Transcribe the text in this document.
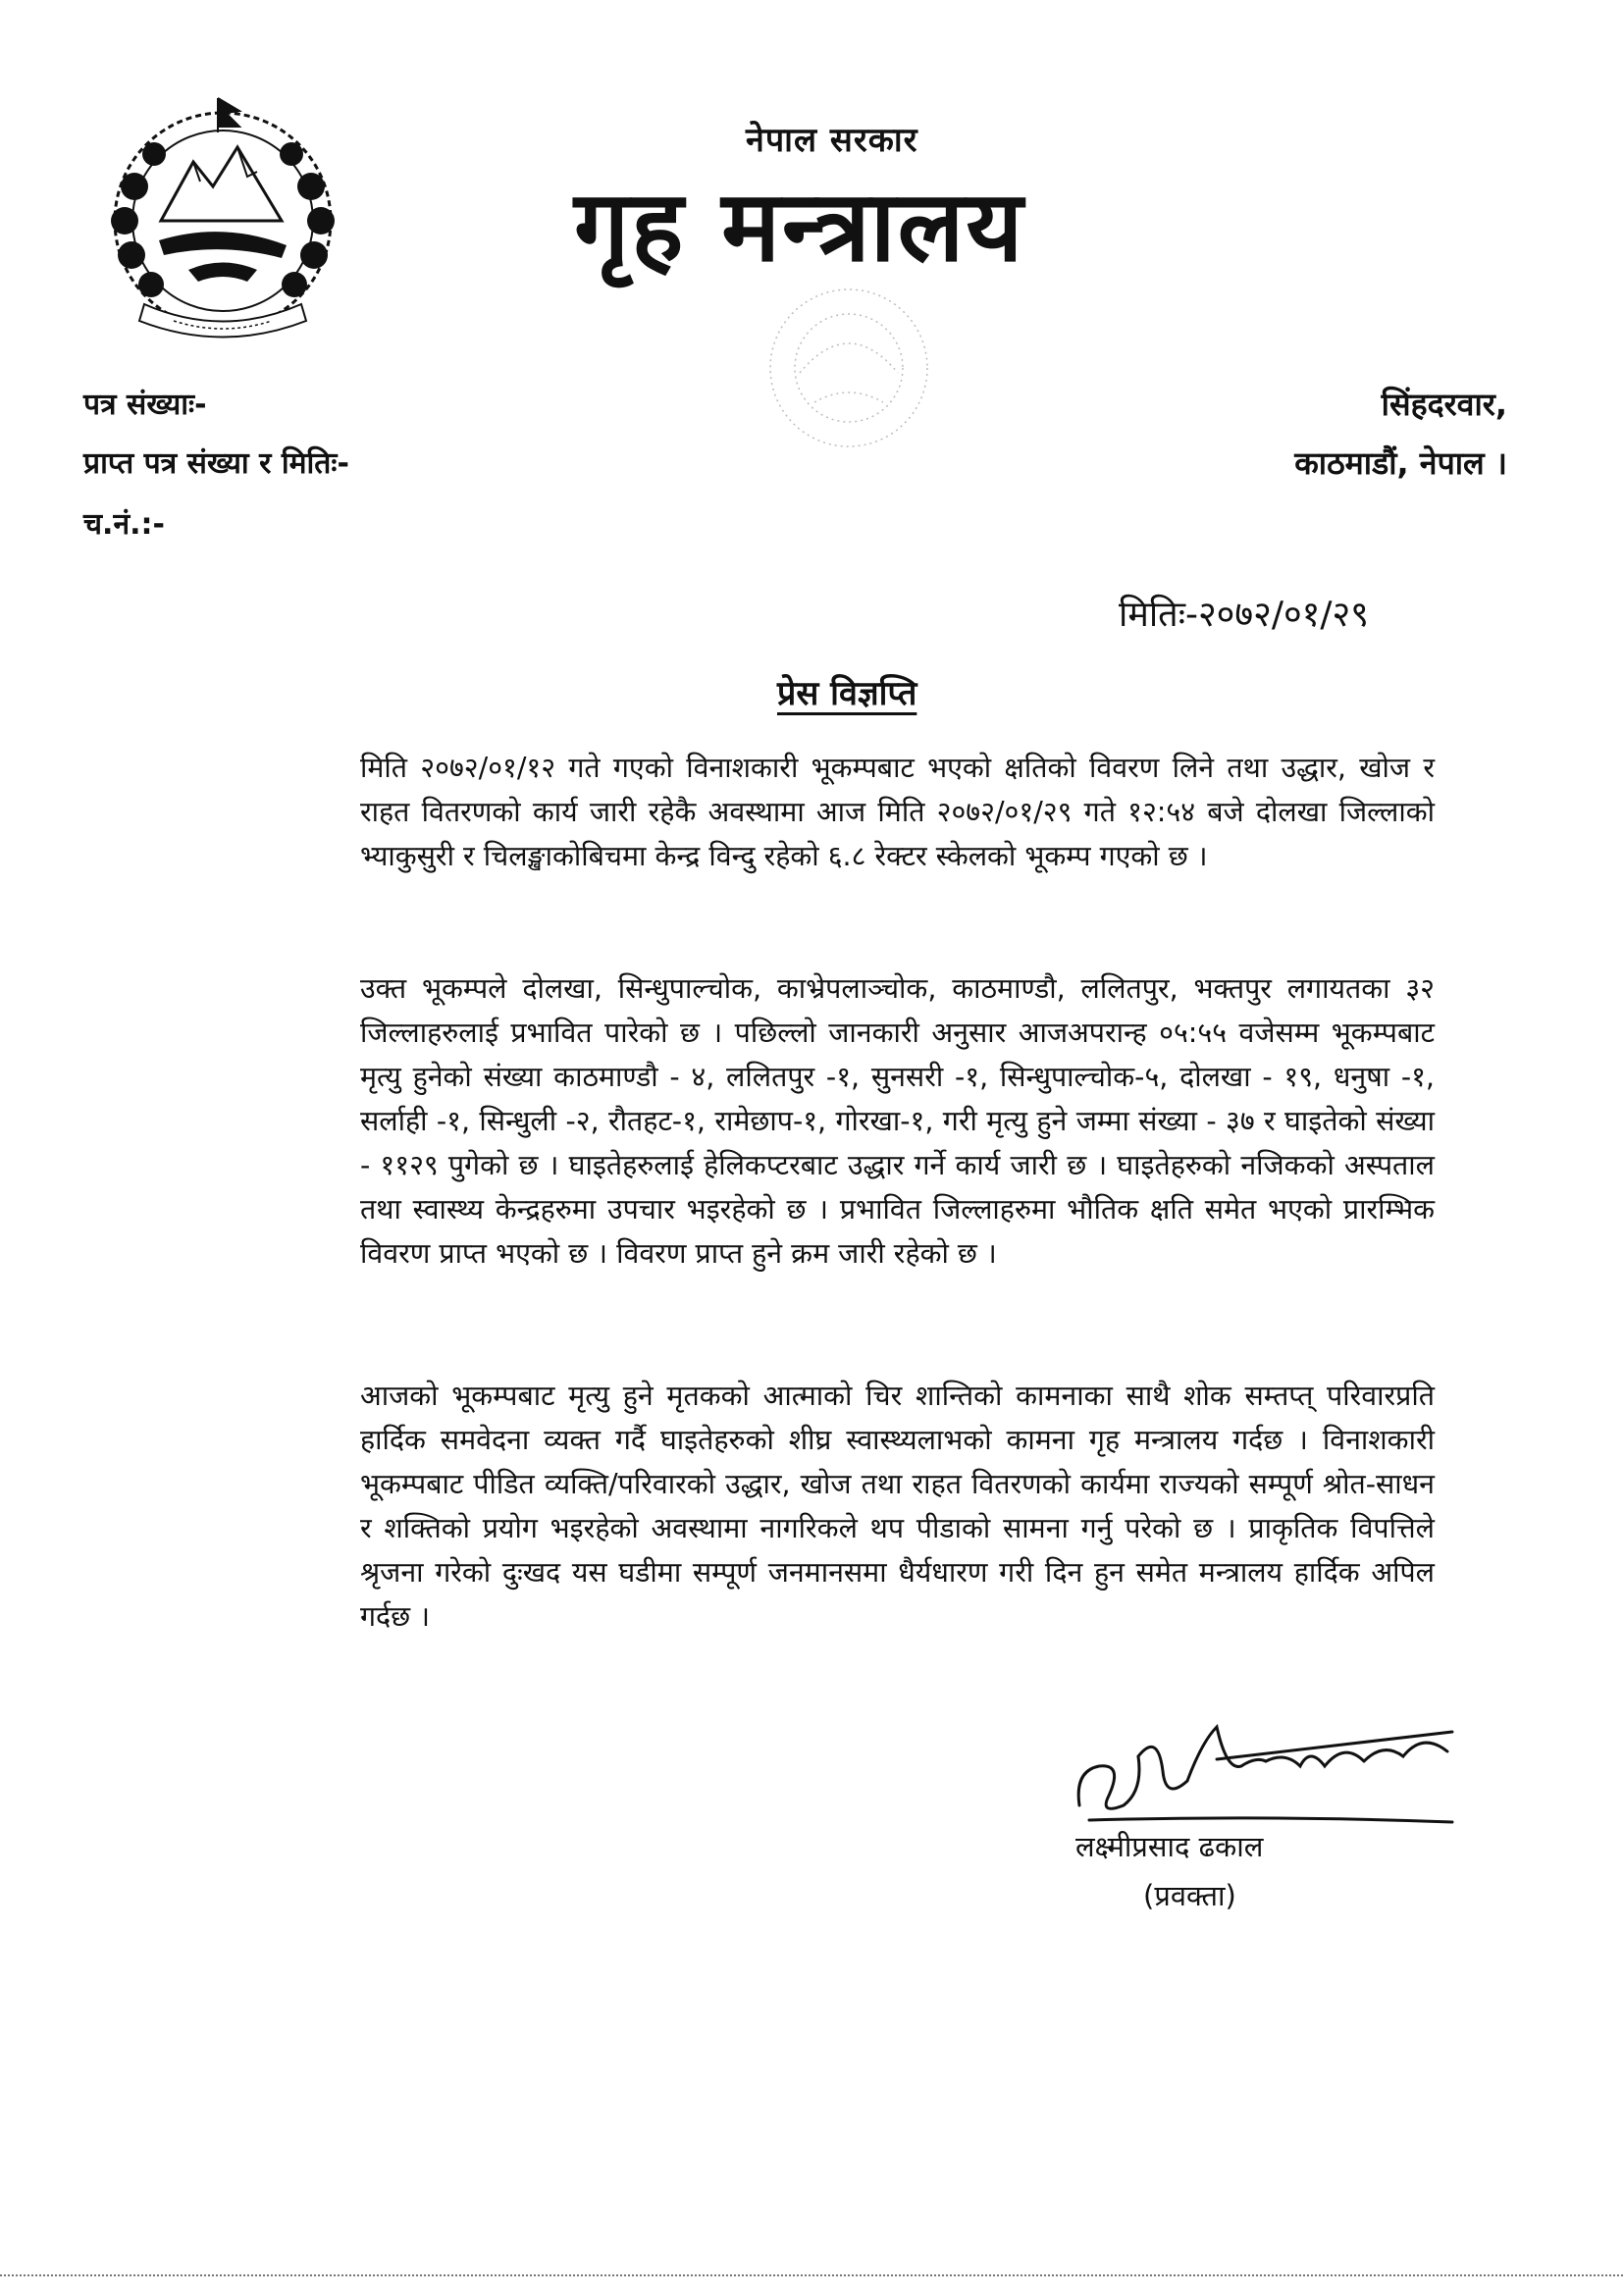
नेपाल सरकार
गृह मन्त्रालय
पत्र संख्याः-
प्राप्त पत्र संख्या र मितिः-
च.नं.:-
सिंहदरवार,
काठमाडौं, नेपाल ।
मितिः-२०७२/०१/२९
प्रेस विज्ञप्ति
मिति २०७२/०१/१२ गते गएको विनाशकारी भूकम्पबाट भएको क्षतिको विवरण लिने तथा उद्धार, खोज र राहत वितरणको कार्य जारी रहेकै अवस्थामा आज मिति २०७२/०१/२९ गते १२:५४ बजे दोलखा जिल्लाको भ्याकुसुरी र चिलङ्खाकोबिचमा केन्द्र विन्दु रहेको ६.८ रेक्टर स्केलको भूकम्प गएको छ ।
उक्त भूकम्पले दोलखा, सिन्धुपाल्चोक, काभ्रेपलाञ्चोक, काठमाण्डौ, ललितपुर, भक्तपुर लगायतका ३२ जिल्लाहरुलाई प्रभावित पारेको छ । पछिल्लो जानकारी अनुसार आजअपरान्ह ०५:५५ वजेसम्म भूकम्पबाट मृत्यु हुनेको संख्या काठमाण्डौ - ४, ललितपुर -१, सुनसरी -१, सिन्धुपाल्चोक-५, दोलखा - १९, धनुषा -१, सर्लाही -१, सिन्धुली -२, रौतहट-१, रामेछाप-१, गोरखा-१, गरी मृत्यु हुने जम्मा संख्या - ३७ र घाइतेको संख्या - ११२९ पुगेको छ । घाइतेहरुलाई हेलिकप्टरबाट उद्धार गर्ने कार्य जारी छ । घाइतेहरुको नजिकको अस्पताल तथा स्वास्थ्य केन्द्रहरुमा उपचार भइरहेको छ । प्रभावित जिल्लाहरुमा भौतिक क्षति समेत भएको प्रारम्भिक विवरण प्राप्त भएको छ । विवरण प्राप्त हुने क्रम जारी रहेको छ ।
आजको भूकम्पबाट मृत्यु हुने मृतकको आत्माको चिर शान्तिको कामनाका साथै शोक सम्तप्त् परिवारप्रति हार्दिक समवेदना व्यक्त गर्दै घाइतेहरुको शीघ्र स्वास्थ्यलाभको कामना गृह मन्त्रालय गर्दछ । विनाशकारी भूकम्पबाट पीडित व्यक्ति/परिवारको उद्धार, खोज तथा राहत वितरणको कार्यमा राज्यको सम्पूर्ण श्रोत-साधन र शक्तिको प्रयोग भइरहेको अवस्थामा नागरिकले थप पीडाको सामना गर्नु परेको छ । प्राकृतिक विपत्तिले श्रृजना गरेको दुःखद यस घडीमा सम्पूर्ण जनमानसमा धैर्यधारण गरी दिन हुन समेत मन्त्रालय हार्दिक अपिल गर्दछ ।
लक्ष्मीप्रसाद ढकाल
(प्रवक्ता)
